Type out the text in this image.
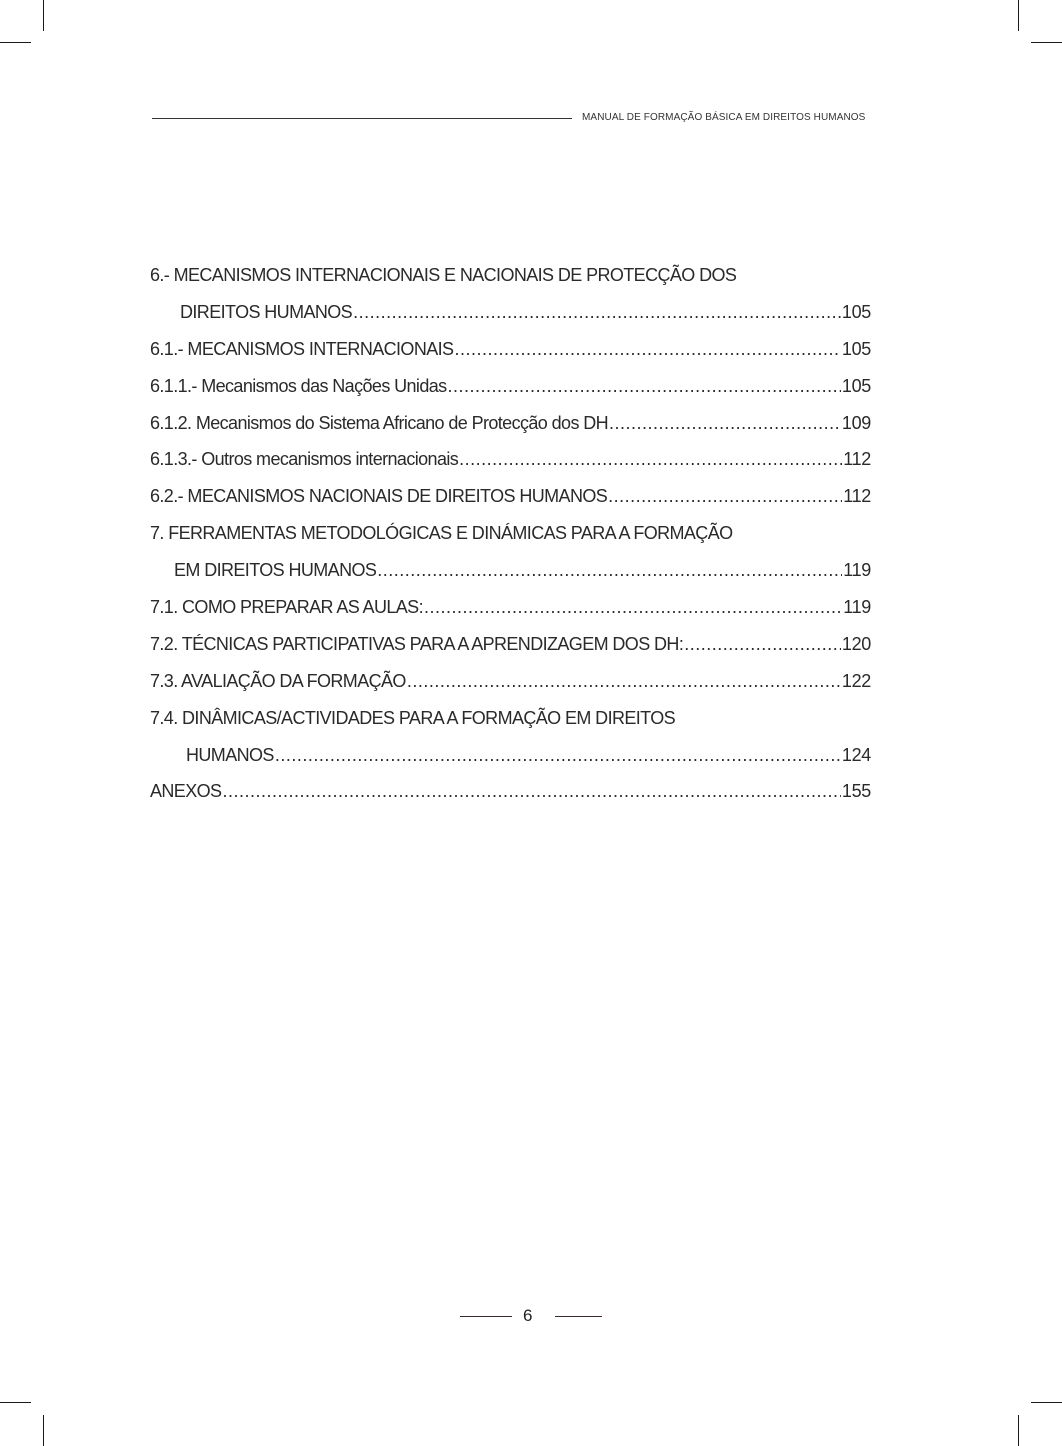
MANUAL DE FORMAÇÃO BÁSICA EM DIREITOS HUMANOS
6.- MECANISMOS INTERNACIONAIS E NACIONAIS DE PROTECÇÃO DOS
DIREITOS HUMANOS .....	105
6.1.- MECANISMOS INTERNACIONAIS .....	105
6.1.1.- Mecanismos das Nações Unidas .....	105
6.1.2. Mecanismos do Sistema Africano de Protecção dos DH .....	109
6.1.3.- Outros mecanismos internacionais .....	112
6.2.- MECANISMOS NACIONAIS DE DIREITOS HUMANOS .....	112
7. FERRAMENTAS METODOLÓGICAS E DINÁMICAS PARA A FORMAÇÃO
EM DIREITOS HUMANOS .....	119
7.1. COMO PREPARAR AS AULAS: .....	119
7.2. TÉCNICAS PARTICIPATIVAS PARA A APRENDIZAGEM DOS DH: .....	120
7.3. AVALIAÇÃO DA FORMAÇÃO .....	122
7.4. DINÂMICAS/ACTIVIDADES PARA A FORMAÇÃO EM DIREITOS
HUMANOS .....	124
ANEXOS .....	155
6
